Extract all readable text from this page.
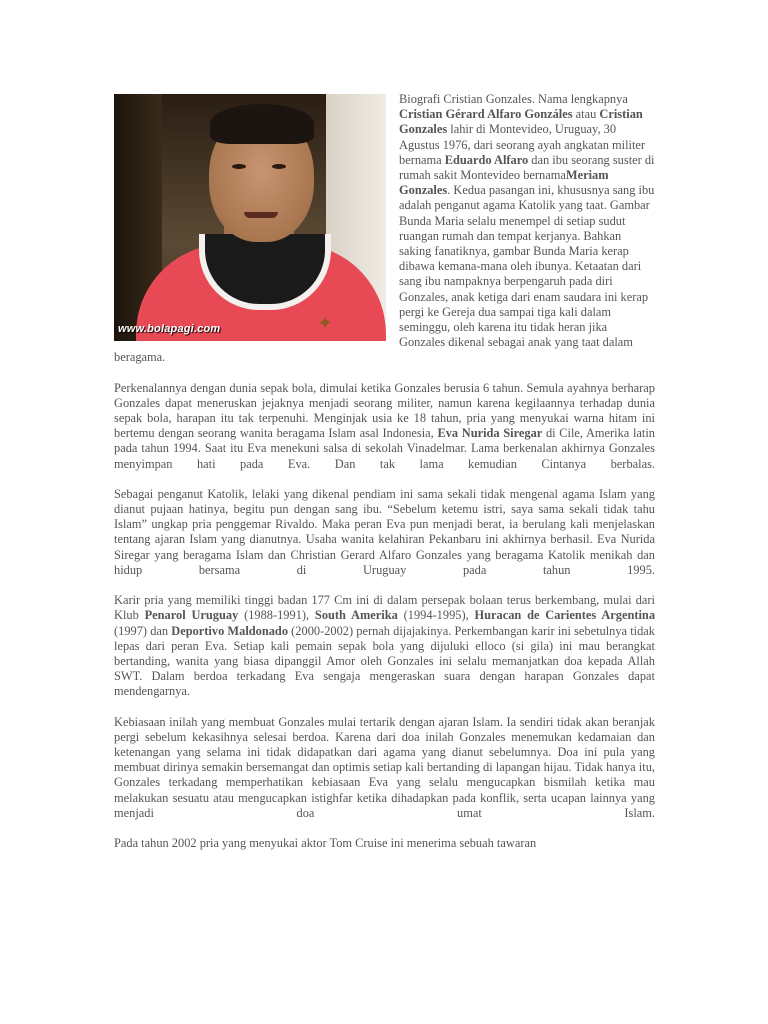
✦
www.bolapagi.com

Biografi Cristian Gonzales. Nama lengkapnya Cristian Gérard Alfaro Gonzáles atau Cristian Gonzales lahir di Montevideo, Uruguay, 30 Agustus 1976, dari seorang ayah angkatan militer bernama Eduardo Alfaro dan ibu seorang suster di rumah sakit Montevideo bernamaMeriam Gonzales. Kedua pasangan ini, khususnya sang ibu adalah penganut agama Katolik yang taat. Gambar Bunda Maria selalu menempel di setiap sudut ruangan rumah dan tempat kerjanya. Bahkan saking fanatiknya, gambar Bunda Maria kerap dibawa kemana-mana oleh ibunya. Ketaatan dari sang ibu nampaknya berpengaruh pada diri Gonzales, anak ketiga dari enam saudara ini kerap pergi ke Gereja dua sampai tiga kali dalam seminggu, oleh karena itu tidak heran jika Gonzales dikenal sebagai anak yang taat dalam beragama.

Perkenalannya dengan dunia sepak bola, dimulai ketika Gonzales berusia 6 tahun. Semula ayahnya berharap Gonzales dapat meneruskan jejaknya menjadi seorang militer, namun karena kegilaannya terhadap dunia sepak bola, harapan itu tak terpenuhi. Menginjak usia ke 18 tahun, pria yang menyukai warna hitam ini bertemu dengan seorang wanita beragama Islam asal Indonesia, Eva Nurida Siregar di Cile, Amerika latin pada tahun 1994. Saat itu Eva menekuni salsa di sekolah Vinadelmar. Lama berkenalan akhirnya Gonzales menyimpan hati pada Eva. Dan tak lama kemudian Cintanya berbalas.

Sebagai penganut Katolik, lelaki yang dikenal pendiam ini sama sekali tidak mengenal agama Islam yang dianut pujaan hatinya, begitu pun dengan sang ibu. “Sebelum ketemu istri, saya sama sekali tidak tahu Islam” ungkap pria penggemar Rivaldo. Maka peran Eva pun menjadi berat, ia berulang kali menjelaskan tentang ajaran Islam yang dianutnya. Usaha wanita kelahiran Pekanbaru ini akhirnya berhasil. Eva Nurida Siregar yang beragama Islam dan Christian Gerard Alfaro Gonzales yang beragama Katolik menikah dan hidup bersama di Uruguay pada tahun 1995.

Karir pria yang memiliki tinggi badan 177 Cm ini di dalam persepak bolaan terus berkembang, mulai dari Klub Penarol Uruguay (1988-1991), South Amerika (1994-1995), Huracan de Carientes Argentina (1997) dan Deportivo Maldonado (2000-2002) pernah dijajakinya. Perkembangan karir ini sebetulnya tidak lepas dari peran Eva. Setiap kali pemain sepak bola yang dijuluki elloco (si gila) ini mau berangkat bertanding, wanita yang biasa dipanggil Amor oleh Gonzales ini selalu memanjatkan doa kepada Allah SWT. Dalam berdoa terkadang Eva sengaja mengeraskan suara dengan harapan Gonzales dapat mendengarnya.

Kebiasaan inilah yang membuat Gonzales mulai tertarik dengan ajaran Islam. Ia sendiri tidak akan beranjak pergi sebelum kekasihnya selesai berdoa. Karena dari doa inilah Gonzales menemukan kedamaian dan ketenangan yang selama ini tidak didapatkan dari agama yang dianut sebelumnya. Doa ini pula yang membuat dirinya semakin bersemangat dan optimis setiap kali bertanding di lapangan hijau. Tidak hanya itu, Gonzales terkadang memperhatikan kebiasaan Eva yang selalu mengucapkan bismilah ketika mau melakukan sesuatu atau mengucapkan istighfar ketika dihadapkan pada konflik, serta ucapan lainnya yang menjadi doa umat Islam.

Pada tahun 2002 pria yang menyukai aktor Tom Cruise ini menerima sebuah tawaran
